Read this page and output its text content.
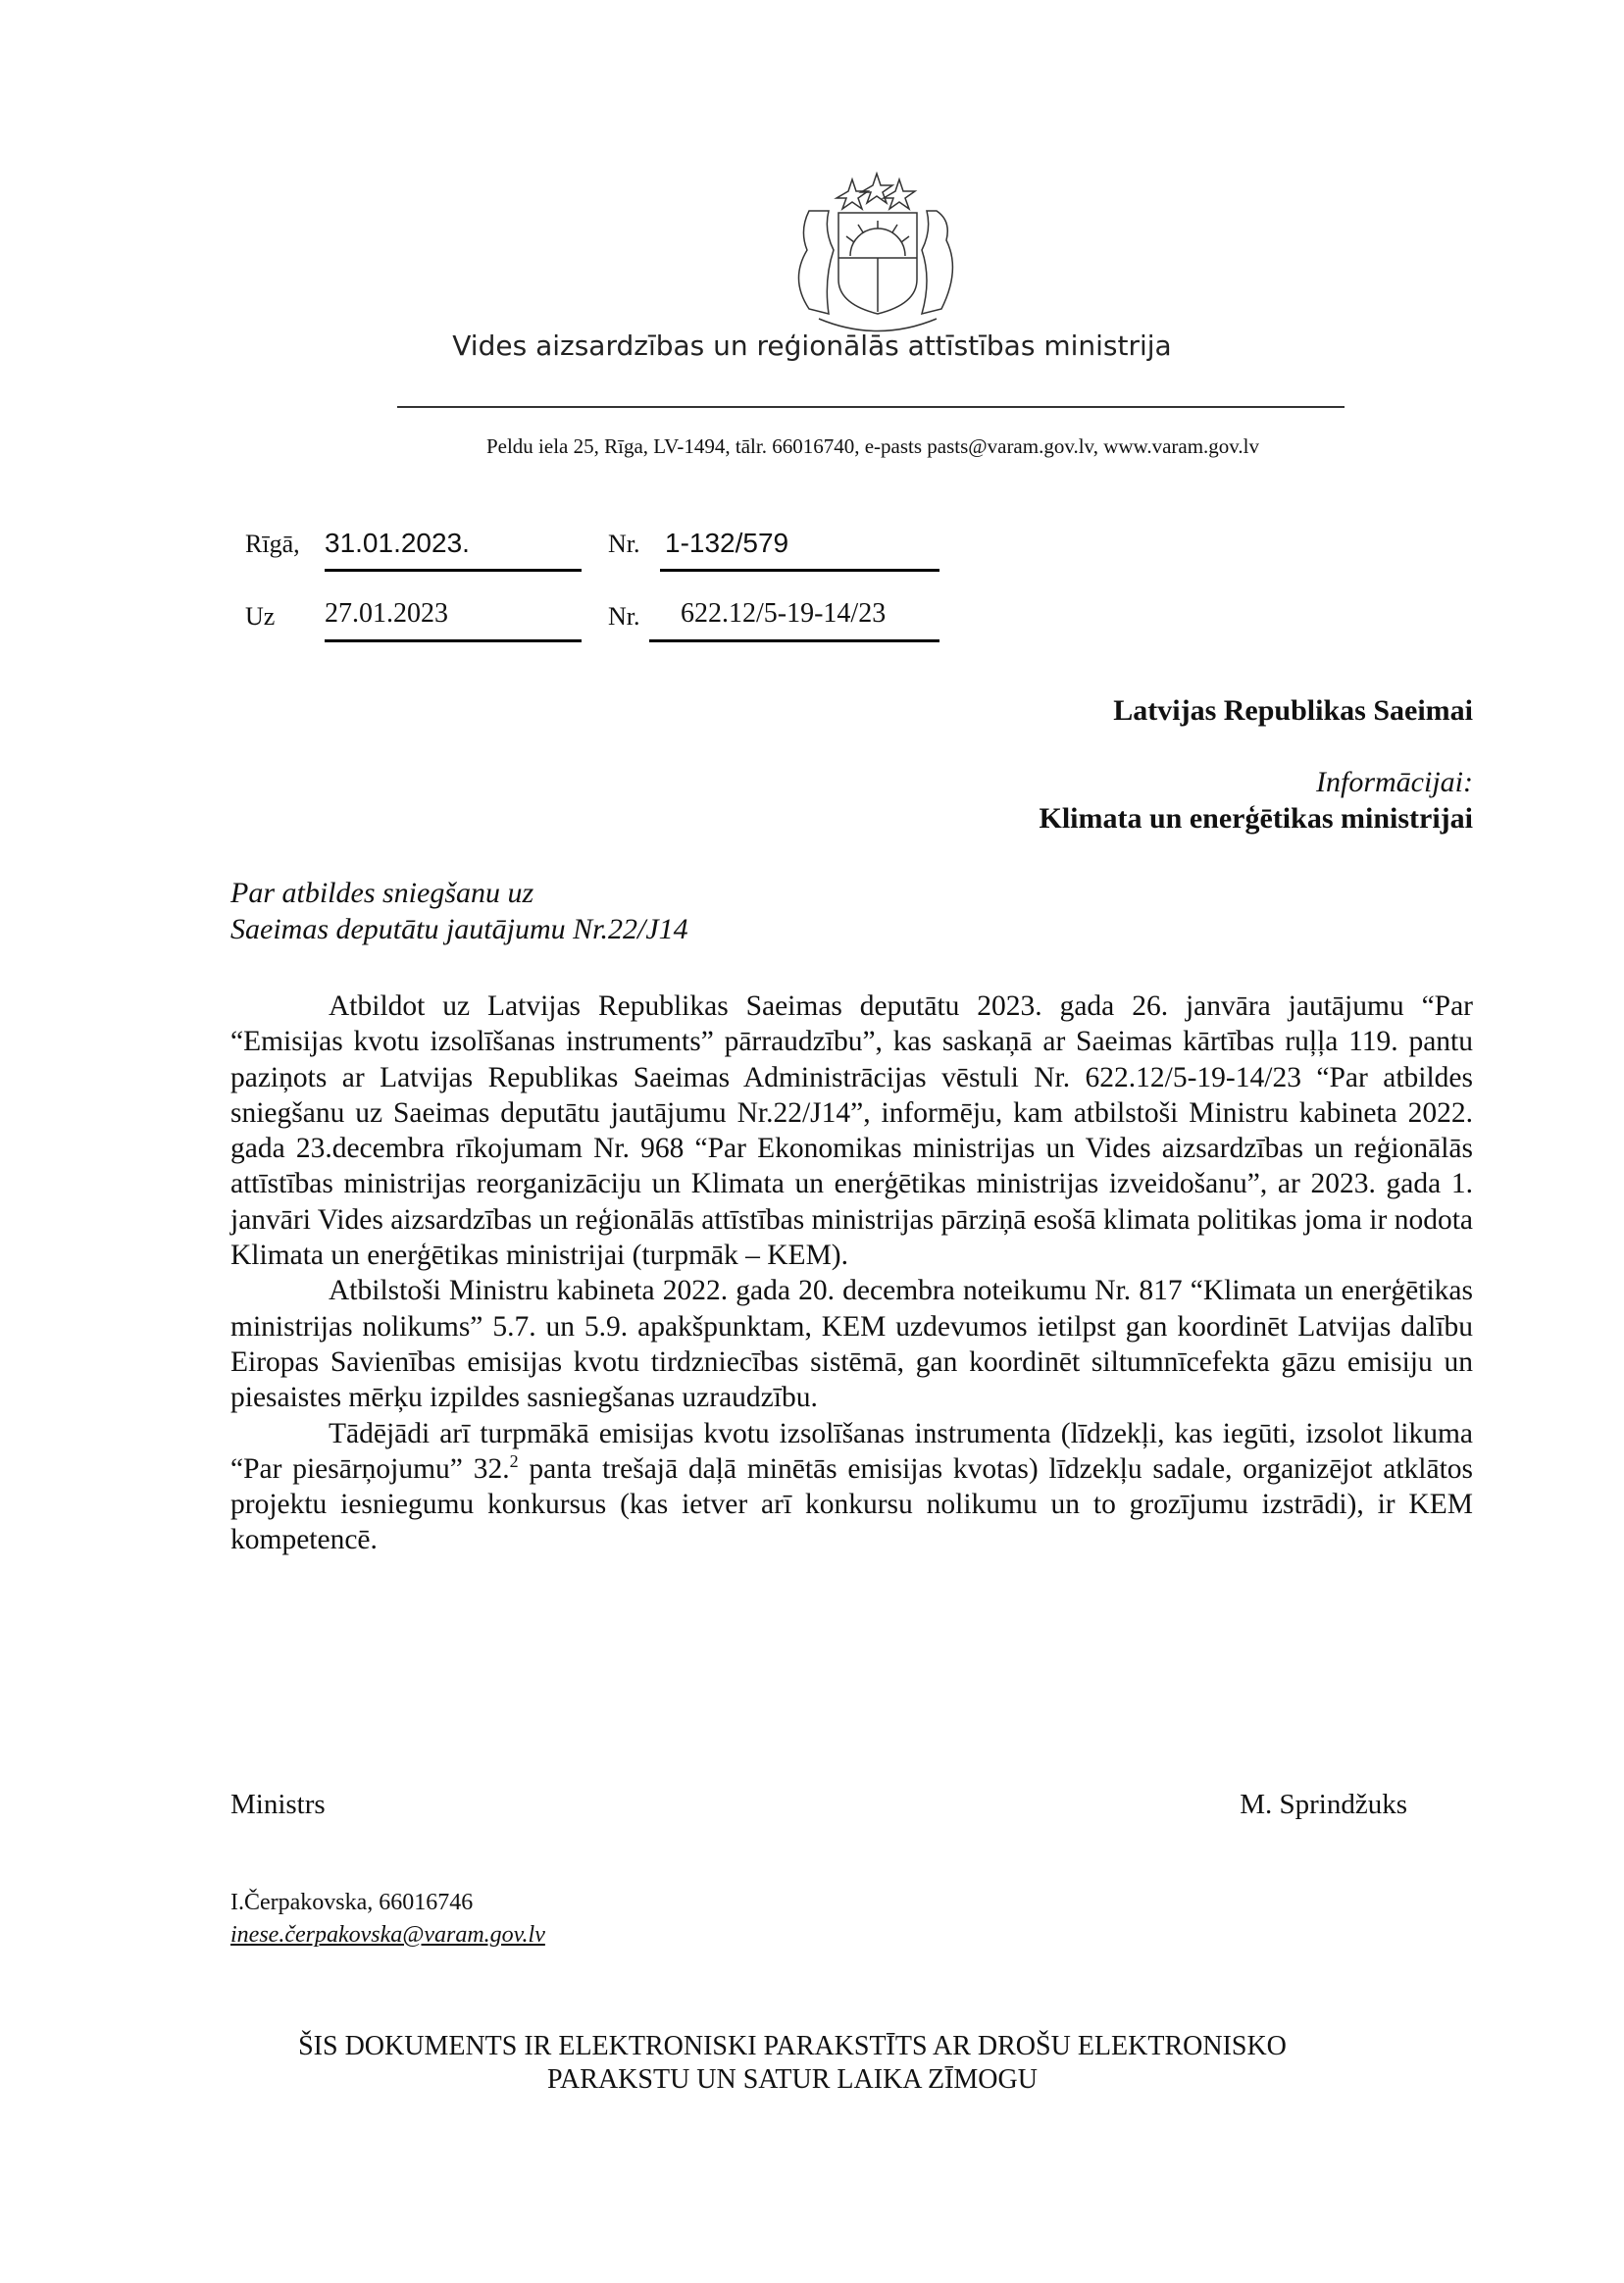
Vides aizsardzības un reģionālās attīstības ministrija
Peldu iela 25, Rīga, LV-1494, tālr. 66016740, e-pasts pasts@varam.gov.lv, www.varam.gov.lv
Rīgā, 31.01.2023.	Nr. 1-132/579
Uz 27.01.2023	Nr. 622.12/5-19-14/23
Latvijas Republikas Saeimai
Informācijai:
Klimata un enerģētikas ministrijai
Par atbildes sniegšanu uz
Saeimas deputātu jautājumu Nr.22/J14

Atbildot uz Latvijas Republikas Saeimas deputātu 2023. gada 26. janvāra jautājumu “Par “Emisijas kvotu izsolīšanas instruments” pārraudzību”, kas saskaņā ar Saeimas kārtības ruļļa 119. pantu paziņots ar Latvijas Republikas Saeimas Administrācijas vēstuli Nr. 622.12/5-19-14/23 “Par atbildes sniegšanu uz Saeimas deputātu jautājumu Nr.22/J14”, informēju, kam atbilstoši Ministru kabineta 2022. gada 23.decembra rīkojumam Nr. 968 “Par Ekonomikas ministrijas un Vides aizsardzības un reģionālās attīstības ministrijas reorganizāciju un Klimata un enerģētikas ministrijas izveidošanu”, ar 2023. gada 1. janvāri Vides aizsardzības un reģionālās attīstības ministrijas pārziņā esošā klimata politikas joma ir nodota Klimata un enerģētikas ministrijai (turpmāk – KEM).

Atbilstoši Ministru kabineta 2022. gada 20. decembra noteikumu Nr. 817 “Klimata un enerģētikas ministrijas nolikums” 5.7. un 5.9. apakšpunktam, KEM uzdevumos ietilpst gan koordinēt Latvijas dalību Eiropas Savienības emisijas kvotu tirdzniecības sistēmā, gan koordinēt siltumnīcefekta gāzu emisiju un piesaistes mērķu izpildes sasniegšanas uzraudzību.

Tādējādi arī turpmākā emisijas kvotu izsolīšanas instrumenta (līdzekļi, kas iegūti, izsolot likuma “Par piesārņojumu” 32.$^2$ panta trešajā daļā minētās emisijas kvotas) līdzekļu sadale, organizējot atklātos projektu iesniegumu konkursus (kas ietver arī konkursu nolikumu un to grozījumu izstrādi), ir KEM kompetencē.

Ministrs	M. Sprindžuks
I.Čerpakovska, 66016746
inese.čerpakovska@varam.gov.lv
ŠIS DOKUMENTS IR ELEKTRONISKI PARAKSTĪTS AR DROŠU ELEKTRONISKO
PARAKSTU UN SATUR LAIKA ZĪMOGU
